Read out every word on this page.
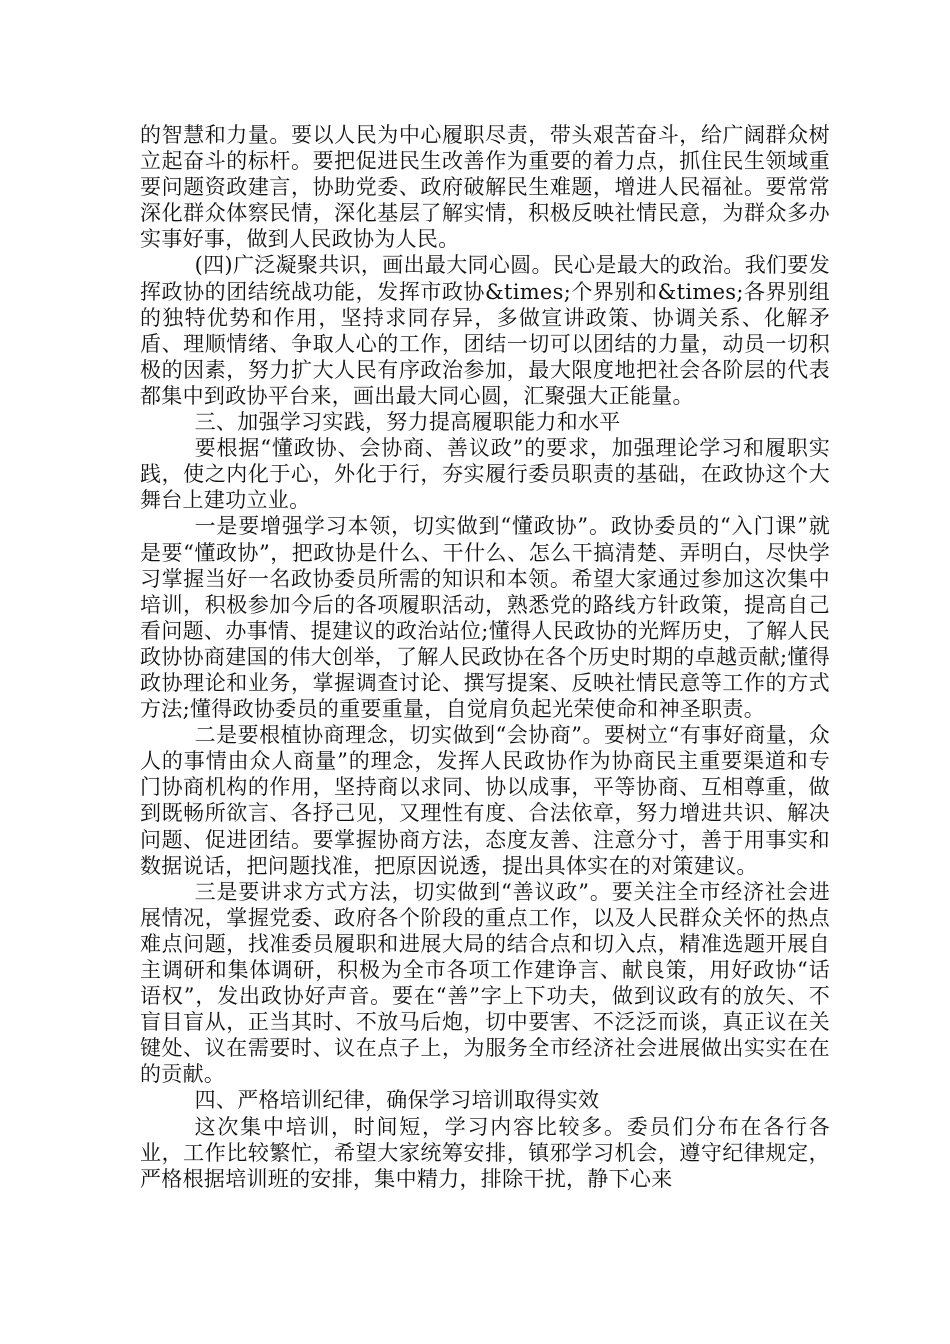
的智慧和力量。要以人民为中心履职尽责，带头艰苦奋斗，给广阔群众树立起奋斗的标杆。要把促进民生改善作为重要的着力点，抓住民生领域重要问题资政建言，协助党委、政府破解民生难题，增进人民福祉。要常常深化群众体察民情，深化基层了解实情，积极反映社情民意，为群众多办实事好事，做到人民政协为人民。

(四)广泛凝聚共识，画出最大同心圆。民心是最大的政治。我们要发挥政协的团结统战功能，发挥市政协&times;个界别和&times;各界别组的独特优势和作用，坚持求同存异，多做宣讲政策、协调关系、化解矛盾、理顺情绪、争取人心的工作，团结一切可以团结的力量，动员一切积极的因素，努力扩大人民有序政治参加，最大限度地把社会各阶层的代表都集中到政协平台来，画出最大同心圆，汇聚强大正能量。

三、加强学习实践，努力提高履职能力和水平

要根据“懂政协、会协商、善议政”的要求，加强理论学习和履职实践，使之内化于心，外化于行，夯实履行委员职责的基础，在政协这个大舞台上建功立业。

一是要增强学习本领，切实做到“懂政协”。政协委员的“入门课”就是要“懂政协”，把政协是什么、干什么、怎么干搞清楚、弄明白，尽快学习掌握当好一名政协委员所需的知识和本领。希望大家通过参加这次集中培训，积极参加今后的各项履职活动，熟悉党的路线方针政策，提高自己看问题、办事情、提建议的政治站位;懂得人民政协的光辉历史，了解人民政协协商建国的伟大创举，了解人民政协在各个历史时期的卓越贡献;懂得政协理论和业务，掌握调查讨论、撰写提案、反映社情民意等工作的方式方法;懂得政协委员的重要重量，自觉肩负起光荣使命和神圣职责。

二是要根植协商理念，切实做到“会协商”。要树立“有事好商量，众人的事情由众人商量”的理念，发挥人民政协作为协商民主重要渠道和专门协商机构的作用，坚持商以求同、协以成事，平等协商、互相尊重，做到既畅所欲言、各抒己见，又理性有度、合法依章，努力增进共识、解决问题、促进团结。要掌握协商方法，态度友善、注意分寸，善于用事实和数据说话，把问题找准，把原因说透，提出具体实在的对策建议。

三是要讲求方式方法，切实做到“善议政”。要关注全市经济社会进展情况，掌握党委、政府各个阶段的重点工作，以及人民群众关怀的热点难点问题，找准委员履职和进展大局的结合点和切入点，精准选题开展自主调研和集体调研，积极为全市各项工作建诤言、献良策，用好政协“话语权”，发出政协好声音。要在“善”字上下功夫，做到议政有的放矢、不盲目盲从，正当其时、不放马后炮，切中要害、不泛泛而谈，真正议在关键处、议在需要时、议在点子上，为服务全市经济社会进展做出实实在在的贡献。

四、严格培训纪律，确保学习培训取得实效

这次集中培训，时间短，学习内容比较多。委员们分布在各行各业，工作比较繁忙，希望大家统筹安排，镇邪学习机会，遵守纪律规定，严格根据培训班的安排，集中精力，排除干扰，静下心来
